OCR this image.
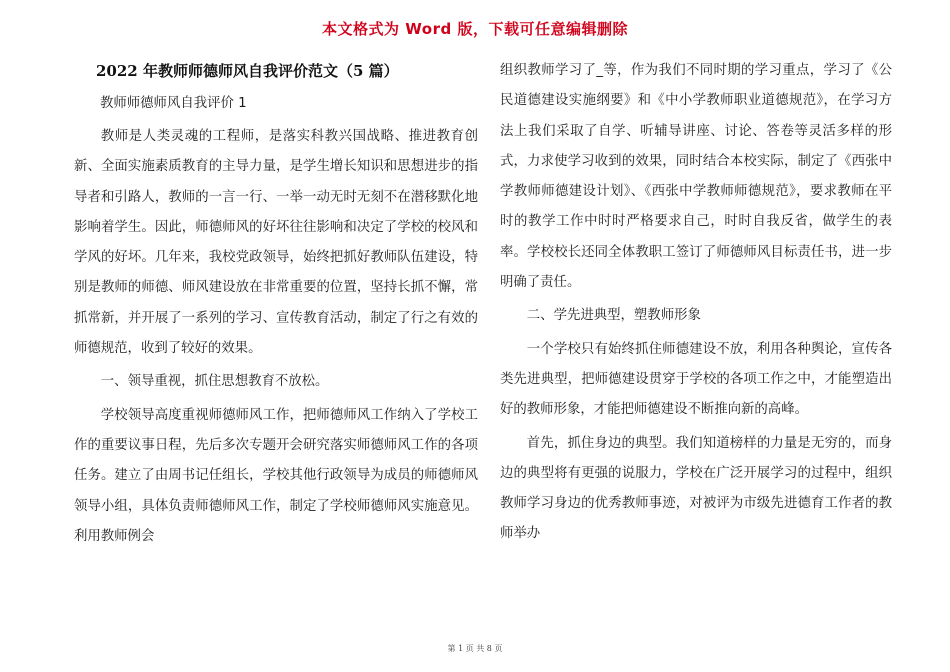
本文格式为 Word 版，下载可任意编辑删除
2022 年教师师德师风自我评价范文（5 篇）
教师师德师风自我评价 1

教师是人类灵魂的工程师，是落实科教兴国战略、推进教育创新、全面实施素质教育的主导力量，是学生增长知识和思想进步的指导者和引路人，教师的一言一行、一举一动无时无刻不在潜移默化地影响着学生。因此，师德师风的好坏往往影响和决定了学校的校风和学风的好坏。几年来，我校党政领导，始终把抓好教师队伍建设，特别是教师的师德、师风建设放在非常重要的位置，坚持长抓不懈，常抓常新，并开展了一系列的学习、宣传教育活动，制定了行之有效的师德规范，收到了较好的效果。

一、领导重视，抓住思想教育不放松。

学校领导高度重视师德师风工作，把师德师风工作纳入了学校工作的重要议事日程，先后多次专题开会研究落实师德师风工作的各项任务。建立了由周书记任组长，学校其他行政领导为成员的师德师风领导小组，具体负责师德师风工作，制定了学校师德师风实施意见。利用教师例会

组织教师学习了_等，作为我们不同时期的学习重点，学习了《公民道德建设实施纲要》和《中小学教师职业道德规范》，在学习方法上我们采取了自学、听辅导讲座、讨论、答卷等灵活多样的形式，力求使学习收到的效果，同时结合本校实际，制定了《西张中学教师师德建设计划》、《西张中学教师师德规范》，要求教师在平时的教学工作中时时严格要求自己，时时自我反省，做学生的表率。学校校长还同全体教职工签订了师德师风目标责任书，进一步明确了责任。

二、学先进典型，塑教师形象

一个学校只有始终抓住师德建设不放，利用各种舆论，宣传各类先进典型，把师德建设贯穿于学校的各项工作之中，才能塑造出好的教师形象，才能把师德建设不断推向新的高峰。

首先，抓住身边的典型。我们知道榜样的力量是无穷的，而身边的典型将有更强的说服力，学校在广泛开展学习的过程中，组织教师学习身边的优秀教师事迹，对被评为市级先进德育工作者的教师举办

第 1 页 共 8 页
